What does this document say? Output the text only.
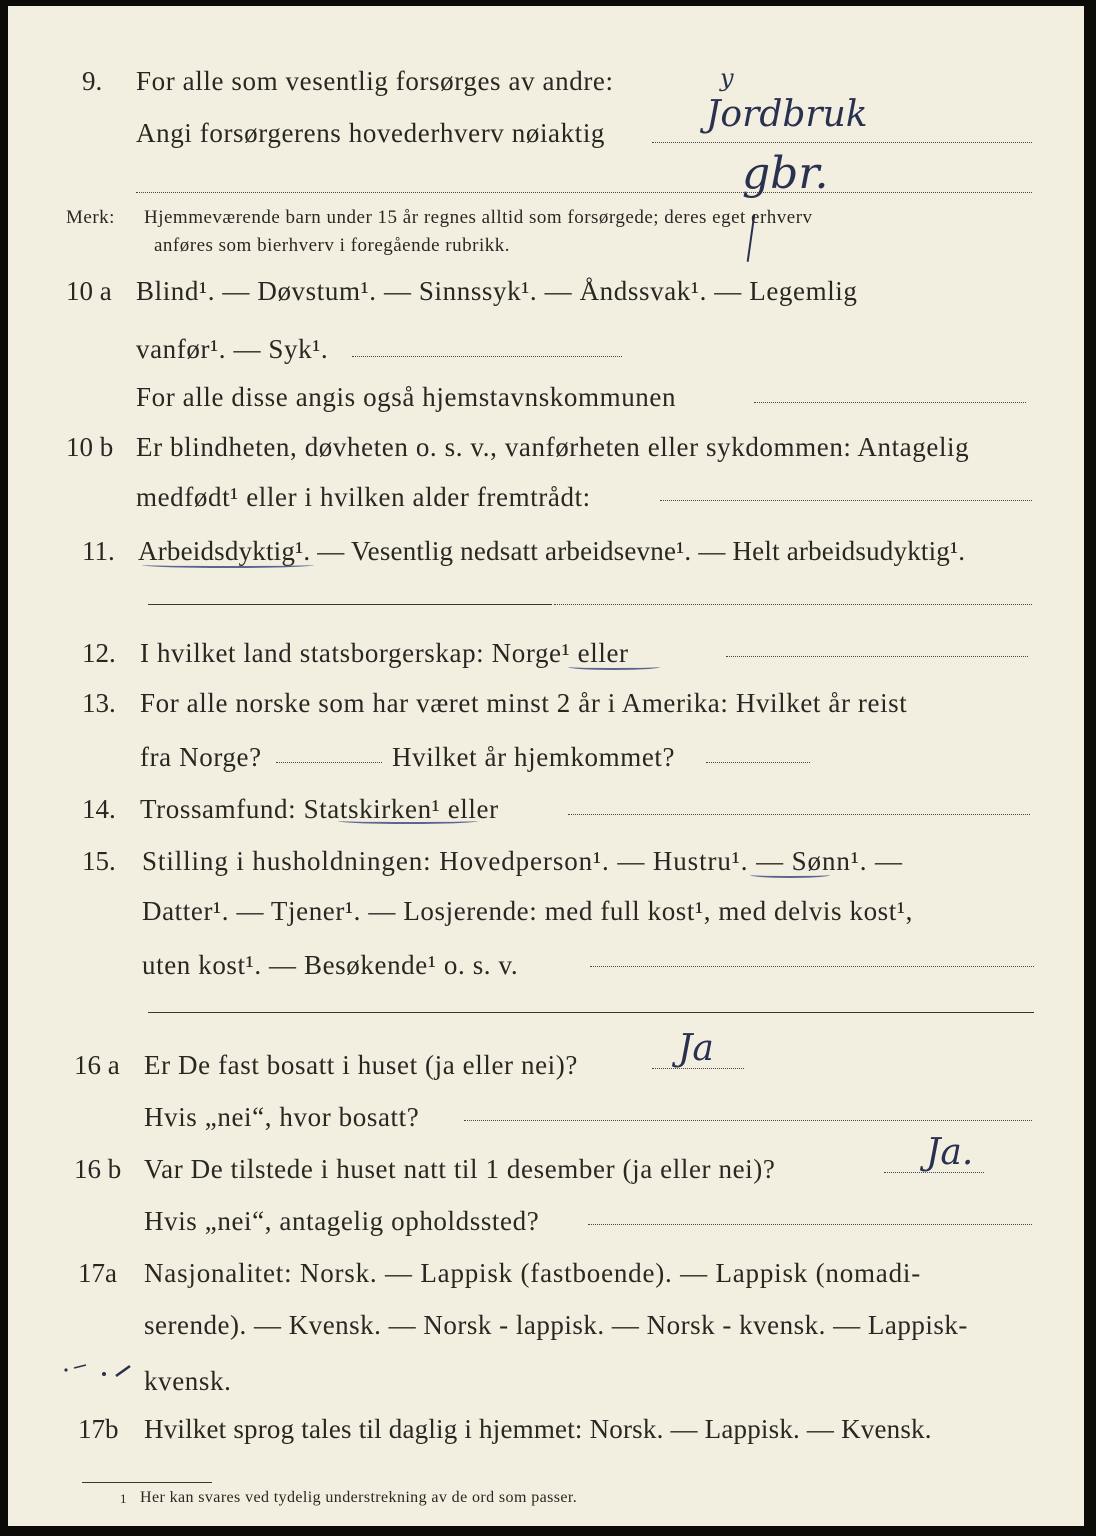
9. For alle som vesentlig forsørges av andre:
Angi forsørgerens hovederhverv nøiaktig	Jordbruk
y
gbr.
Merk: Hjemmeværende barn under 15 år regnes alltid som forsørgede; deres eget erhverv
anføres som bierhverv i foregående rubrikk.
10 a Blind¹. — Døvstum¹. — Sinnssyk¹. — Åndssvak¹. — Legemlig
vanfør¹. — Syk¹.
For alle disse angis også hjemstavnskommunen
10 b Er blindheten, døvheten o. s. v., vanførheten eller sykdommen: Antagelig
medfødt¹ eller i hvilken alder fremtrådt:
11. Arbeidsdyktig¹. — Vesentlig nedsatt arbeidsevne¹. — Helt arbeidsudyktig¹.
12. I hvilket land statsborgerskap: Norge¹ eller
13. For alle norske som har været minst 2 år i Amerika: Hvilket år reist
fra Norge?	Hvilket år hjemkommet?
14. Trossamfund: Statskirken¹ eller
15. Stilling i husholdningen: Hovedperson¹. — Hustru¹. — Sønn¹. —
Datter¹. — Tjener¹. — Losjerende: med full kost¹, med delvis kost¹,
uten kost¹. — Besøkende¹ o. s. v.
16 a Er De fast bosatt i huset (ja eller nei)?	Ja
Hvis „nei“, hvor bosatt?
16 b Var De tilstede i huset natt til 1 desember (ja eller nei)?	Ja.
Hvis „nei“, antagelig opholdssted?
17a Nasjonalitet: Norsk. — Lappisk (fastboende). — Lappisk (nomadi-
serende). — Kvensk. — Norsk - lappisk. — Norsk - kvensk. — Lappisk-
kvensk.
17b Hvilket sprog tales til daglig i hjemmet: Norsk. — Lappisk. — Kvensk.
1 Her kan svares ved tydelig understrekning av de ord som passer.
